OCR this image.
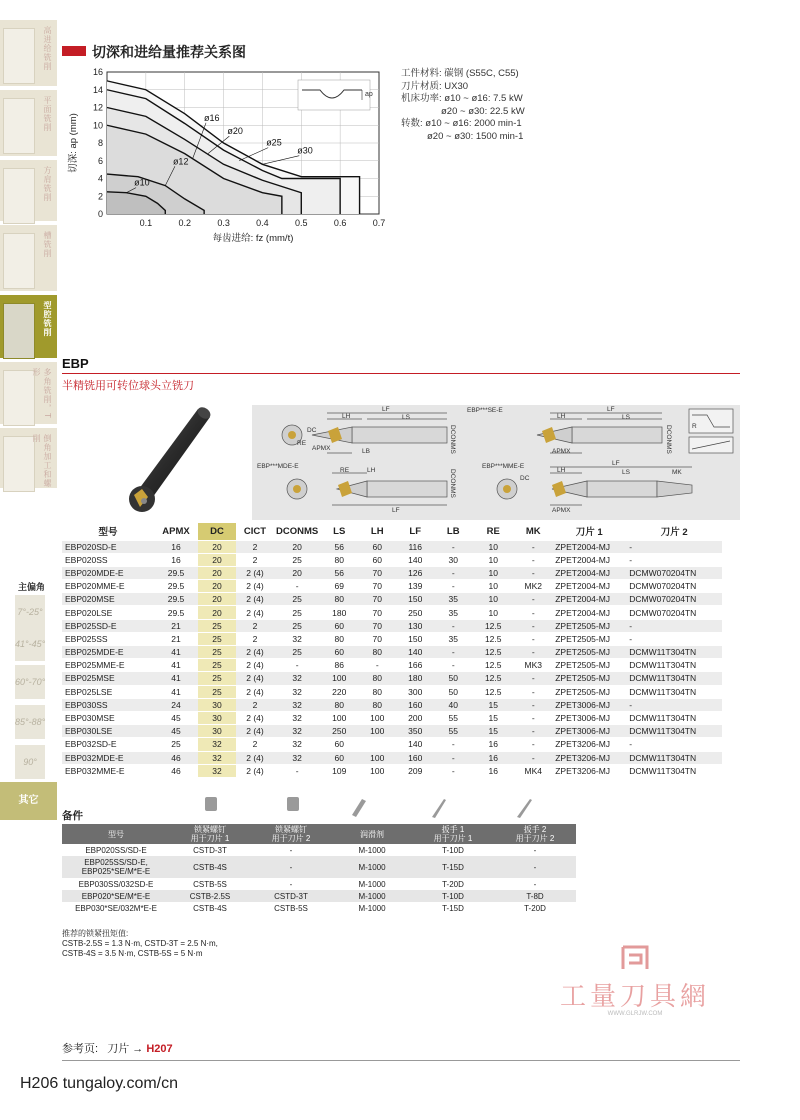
高进给铣削
平面铣削
方肩铣削
槽铣削
型腔铣削
多角铣削，T形
倒角加工和螺削
主偏角
7°-25°
41°-45°
60°-70°
85°-88°
90°
其它
切深和进给量推荐关系图
ø10
ø12
ø16
ø20
ø25
ø30
0
2
4
6
8
10
12
14
16
0.1	0.2	0.3	0.4	0.5	0.6	0.7
每齿进给: fz (mm/t)
切深: ap (mm)
ap
工件材料: 碳钢 (S55C, C55)
刀片材质: UX30
机床功率: ø10 ~ ø16: 7.5 kW
ø20 ~ ø30: 22.5 kW
转数: ø10 ~ ø16: 2000 min-1
ø20 ~ ø30: 1500 min-1
EBP
半精铣用可转位球头立铣刀
LF
LH	LS
APMX	LB
RE
DC	DCONMS
EBP***SE-E	LF
LH	LS
APMX	DCONMS
EBP***MDE-E
RE	LH
LF
DCONMS
EBP***MME-E	LF
LH	LS	MK
APMX
DC
R
型号	APMX	DC	CICT	DCONMS	LS	LH	LF	LB	RE	MK	刀片 1	刀片 2
EBP020SD-E	16	20	2	20	56	60	116	-	10	-	ZPET2004-MJ	-
EBP020SS	16	20	2	25	80	60	140	30	10	-	ZPET2004-MJ	-
EBP020MDE-E	29.5	20	2 (4)	20	56	70	126	-	10	-	ZPET2004-MJ	DCMW070204TN
EBP020MME-E	29.5	20	2 (4)	-	69	70	139	-	10	MK2	ZPET2004-MJ	DCMW070204TN
EBP020MSE	29.5	20	2 (4)	25	80	70	150	35	10	-	ZPET2004-MJ	DCMW070204TN
EBP020LSE	29.5	20	2 (4)	25	180	70	250	35	10	-	ZPET2004-MJ	DCMW070204TN
EBP025SD-E	21	25	2	25	60	70	130	-	12.5	-	ZPET2505-MJ	-
EBP025SS	21	25	2	32	80	70	150	35	12.5	-	ZPET2505-MJ	-
EBP025MDE-E	41	25	2 (4)	25	60	80	140	-	12.5	-	ZPET2505-MJ	DCMW11T304TN
EBP025MME-E	41	25	2 (4)	-	86	-	166	-	12.5	MK3	ZPET2505-MJ	DCMW11T304TN
EBP025MSE	41	25	2 (4)	32	100	80	180	50	12.5	-	ZPET2505-MJ	DCMW11T304TN
EBP025LSE	41	25	2 (4)	32	220	80	300	50	12.5	-	ZPET2505-MJ	DCMW11T304TN
EBP030SS	24	30	2	32	80	80	160	40	15	-	ZPET3006-MJ	-
EBP030MSE	45	30	2 (4)	32	100	100	200	55	15	-	ZPET3006-MJ	DCMW11T304TN
EBP030LSE	45	30	2 (4)	32	250	100	350	55	15	-	ZPET3006-MJ	DCMW11T304TN
EBP032SD-E	25	32	2	32	60		140	-	16	-	ZPET3206-MJ	-
EBP032MDE-E	46	32	2 (4)	32	60	100	160	-	16	-	ZPET3206-MJ	DCMW11T304TN
EBP032MME-E	46	32	2 (4)	-	109	100	209	-	16	MK4	ZPET3206-MJ	DCMW11T304TN
备件
型号	锁紧螺钉
用于刀片 1	锁紧螺钉
用于刀片 2	润滑剂	扳手 1
用于刀片 1	扳手 2
用于刀片 2
EBP020SS/SD-E	CSTD-3T	-	M-1000	T-10D	-
EBP025SS/SD-E,
EBP025*SE/M*E-E	CSTB-4S	-	M-1000	T-15D	-
EBP030SS/032SD-E	CSTB-5S	-	M-1000	T-20D	-
EBP020*SE/M*E-E	CSTB-2.5S	CSTD-3T	M-1000	T-10D	T-8D
EBP030*SE/032M*E-E	CSTB-4S	CSTB-5S	M-1000	T-15D	T-20D
推荐的锁紧扭矩值:
CSTB-2.5S = 1.3 N·m, CSTD-3T = 2.5 N·m,
CSTB-4S = 3.5 N·m, CSTB-5S = 5 N·m
工量刀具網
WWW.GLRJW.COM
参考页: 刀片 → H207
H206 tungaloy.com/cn
